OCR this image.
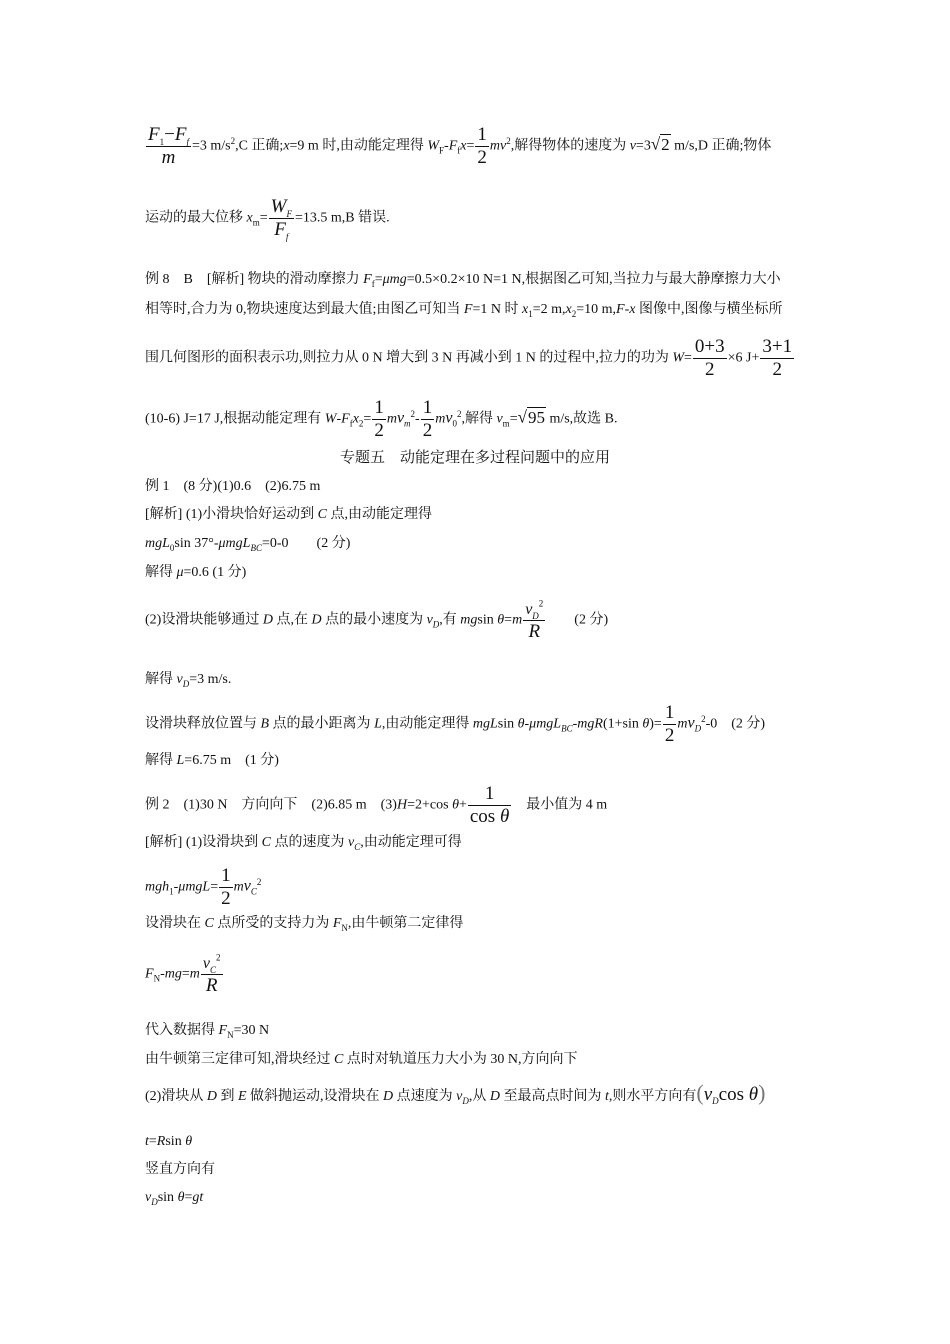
$\frac{F_1-F_f}{m} =3$ $m/s^2,C$ 正确;x=9 m 时,由动能定理得 $W_F-F_fx= \frac{1}{2} mv^2$,解得物体的速度为 v=3√2 m/s,D 正确;物体
运动的最大位移 $x_m= \frac{W_F}{F_f} =13.5$ m,B 错误.
例 8　B　[解析] 物块的滑动摩擦力 $F_f=\mu mg=0.5\times 0.2\times 10$ N=1 N,根据图乙可知,当拉力与最大静摩擦力大小
相等时,合力为 0,物块速度达到最大值;由图乙可知当 F=1 N 时 $x_1=2$ $m,x_2=10$ m,F-x 图像中,图像与横坐标所
围几何图形的面积表示功,则拉力从 0 N 增大到 3 N 再减小到 1 N 的过程中,拉力的功为 $W= \frac{0+3}{2} \times 6$ $J+ \frac{3+1}{2}$
(10-6) J=17 J,根据动能定理有 $W-F_fx_2= \frac{1}{2} mv_m^2- \frac{1}{2} mv_0^2$,解得 $v_m=√95$ m/s,故选 B.
专题五　动能定理在多过程问题中的应用
例 1　(8 分)(1)0.6　(2)6.75 m
[解析] (1)小滑块恰好运动到 C 点,由动能定理得
mgL$_0$sin 37°-μmgL$_{BC}$=0-0　　(2 分)
解得 μ=0.6 (1 分)
(2)设滑块能够通过 D 点,在 D 点的最小速度为 $v_D$,有 mgsin $\theta=m \frac{v_D^2}{R}$ 　　(2 分)
解得 $v_D=3$ m/s.
设滑块释放位置与 B 点的最小距离为 L,由动能定理得 mgLsin θ-μmgL$_{BC}$-mgR(1+sin $\theta)= \frac{1}{2} mv_D^2-0$　(2 分)
解得 L=6.75 m　(1 分)
例 2　(1)30 N　方向向下　(2)6.85 m　(3)H=2+cos $\theta+ \frac{1}{\text{cos θ}}$ 　最小值为 4 m
[解析] (1)设滑块到 C 点的速度为 $v_C$,由动能定理可得
$mgh_1-\mu mgL= \frac{1}{2} mv_C^2$
设滑块在 C 点所受的支持力为 $F_N$,由牛顿第二定律得
$F_N-mg=m \frac{v_C^2}{R}$
代入数据得 $F_N=30$ N
由牛顿第三定律可知,滑块经过 C 点时对轨道压力大小为 30 N,方向向下
(2)滑块从 D 到 E 做斜抛运动,设滑块在 D 点速度为 $v_D$,从 D 至最高点时间为 t,则水平方向有($v_D\cos$ θ)
t=Rsin θ
竖直方向有
$v_D\sin$ θ=gt
